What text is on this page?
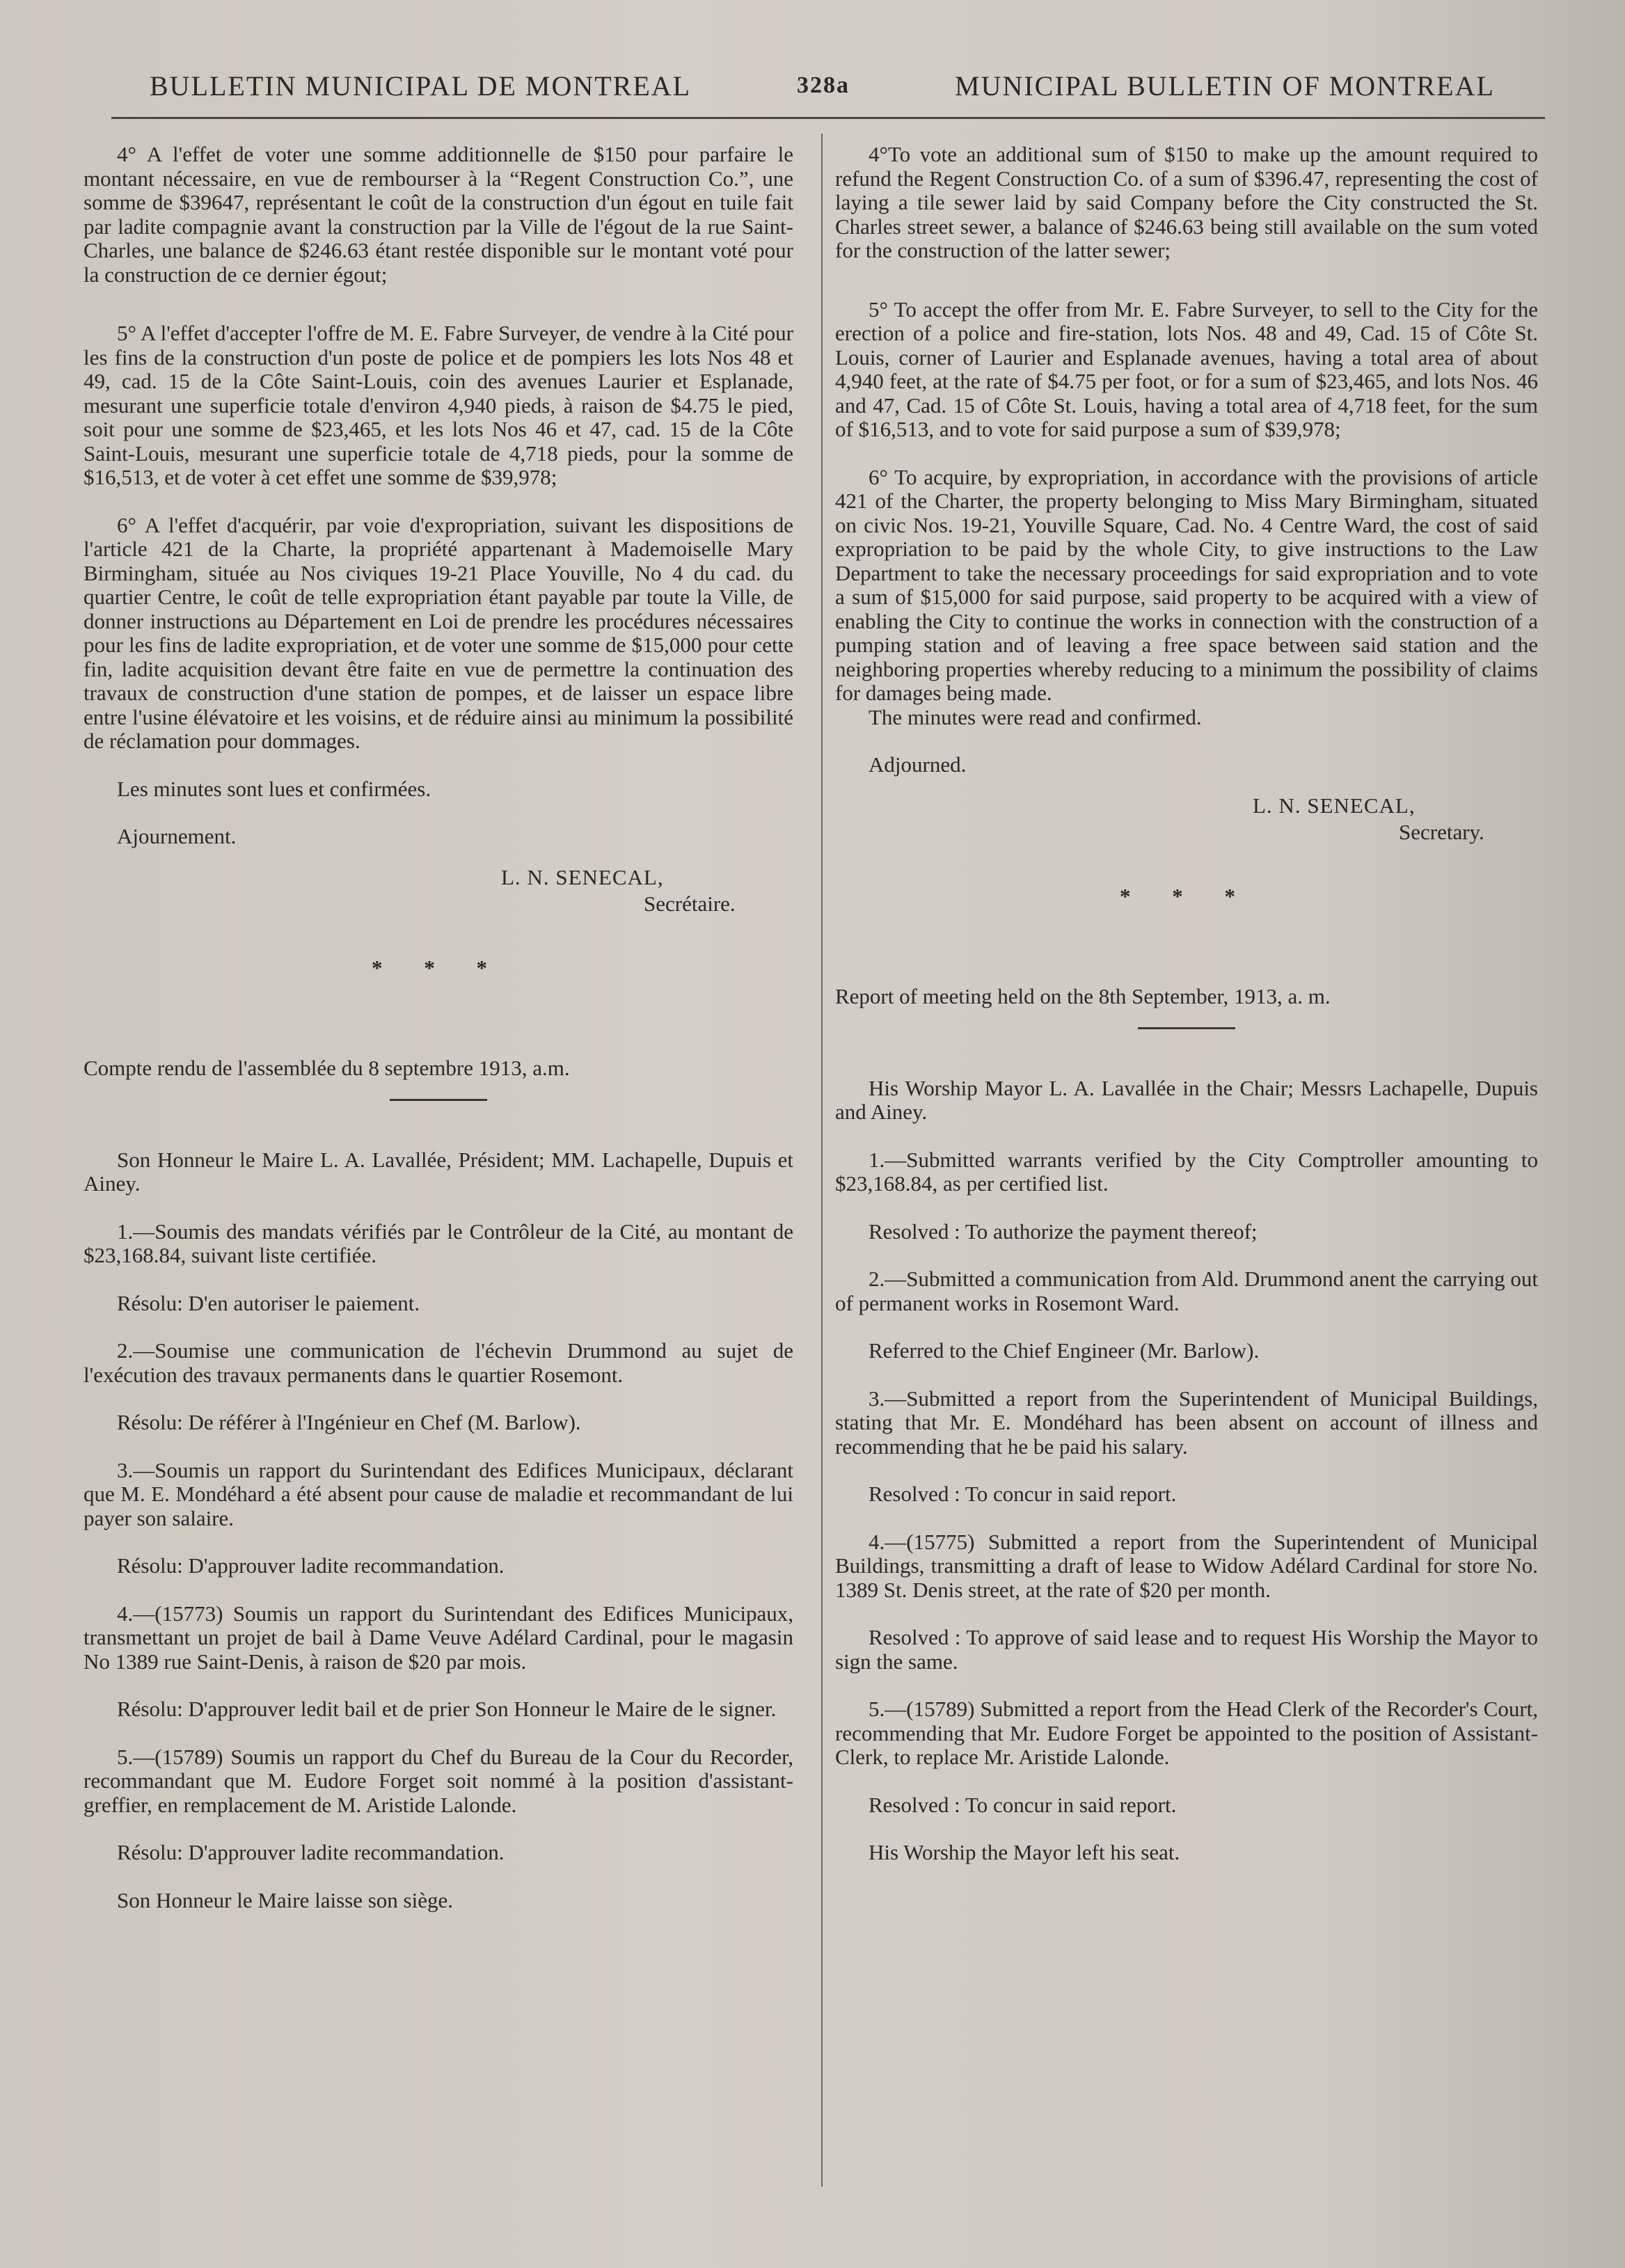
BULLETIN MUNICIPAL DE MONTREAL	328a	MUNICIPAL BULLETIN OF MONTREAL

4° A l'effet de voter une somme additionnelle de $150 pour parfaire le montant nécessaire, en vue de rembourser à la “Regent Construction Co.”, une somme de $39647, représentant le coût de la construction d'un égout en tuile fait par ladite compagnie avant la construction par la Ville de l'égout de la rue Saint-Charles, une balance de $246.63 étant restée disponible sur le montant voté pour la construction de ce dernier égout;

5° A l'effet d'accepter l'offre de M. E. Fabre Surveyer, de vendre à la Cité pour les fins de la construction d'un poste de police et de pompiers les lots Nos 48 et 49, cad. 15 de la Côte Saint-Louis, coin des avenues Laurier et Esplanade, mesurant une superficie totale d'environ 4,940 pieds, à raison de $4.75 le pied, soit pour une somme de $23,465, et les lots Nos 46 et 47, cad. 15 de la Côte Saint-Louis, mesurant une superficie totale de 4,718 pieds, pour la somme de $16,513, et de voter à cet effet une somme de $39,978;

6° A l'effet d'acquérir, par voie d'expropriation, suivant les dispositions de l'article 421 de la Charte, la propriété appartenant à Mademoiselle Mary Birmingham, située au Nos civiques 19-21 Place Youville, No 4 du cad. du quartier Centre, le coût de telle expropriation étant payable par toute la Ville, de donner instructions au Département en Loi de prendre les procédures nécessaires pour les fins de ladite expropriation, et de voter une somme de $15,000 pour cette fin, ladite acquisition devant être faite en vue de permettre la continuation des travaux de construction d'une station de pompes, et de laisser un espace libre entre l'usine élévatoire et les voisins, et de réduire ainsi au minimum la possibilité de réclamation pour dommages.

Les minutes sont lues et confirmées.

Ajournement.

L. N. SENECAL,
Secrétaire.
* * *

Compte rendu de l'assemblée du 8 septembre 1913, a.m.

Son Honneur le Maire L. A. Lavallée, Président; MM. Lachapelle, Dupuis et Ainey.

1.—Soumis des mandats vérifiés par le Contrôleur de la Cité, au montant de $23,168.84, suivant liste certifiée.

Résolu: D'en autoriser le paiement.

2.—Soumise une communication de l'échevin Drummond au sujet de l'exécution des travaux permanents dans le quartier Rosemont.

Résolu: De référer à l'Ingénieur en Chef (M. Barlow).

3.—Soumis un rapport du Surintendant des Edifices Municipaux, déclarant que M. E. Mondéhard a été absent pour cause de maladie et recommandant de lui payer son salaire.

Résolu: D'approuver ladite recommandation.

4.—(15773) Soumis un rapport du Surintendant des Edifices Municipaux, transmettant un projet de bail à Dame Veuve Adélard Cardinal, pour le magasin No 1389 rue Saint-Denis, à raison de $20 par mois.

Résolu: D'approuver ledit bail et de prier Son Honneur le Maire de le signer.

5.—(15789) Soumis un rapport du Chef du Bureau de la Cour du Recorder, recommandant que M. Eudore Forget soit nommé à la position d'assistant-greffier, en remplacement de M. Aristide Lalonde.

Résolu: D'approuver ladite recommandation.

Son Honneur le Maire laisse son siège.

4°To vote an additional sum of $150 to make up the amount required to refund the Regent Construction Co. of a sum of $396.47, representing the cost of laying a tile sewer laid by said Company before the City constructed the St. Charles street sewer, a balance of $246.63 being still available on the sum voted for the construction of the latter sewer;

5° To accept the offer from Mr. E. Fabre Surveyer, to sell to the City for the erection of a police and fire-station, lots Nos. 48 and 49, Cad. 15 of Côte St. Louis, corner of Laurier and Esplanade avenues, having a total area of about 4,940 feet, at the rate of $4.75 per foot, or for a sum of $23,465, and lots Nos. 46 and 47, Cad. 15 of Côte St. Louis, having a total area of 4,718 feet, for the sum of $16,513, and to vote for said purpose a sum of $39,978;

6° To acquire, by expropriation, in accordance with the provisions of article 421 of the Charter, the property belonging to Miss Mary Birmingham, situated on civic Nos. 19-21, Youville Square, Cad. No. 4 Centre Ward, the cost of said expropriation to be paid by the whole City, to give instructions to the Law Department to take the necessary proceedings for said expropriation and to vote a sum of $15,000 for said purpose, said property to be acquired with a view of enabling the City to continue the works in connection with the construction of a pumping station and of leaving a free space between said station and the neighboring properties whereby reducing to a minimum the possibility of claims for damages being made.

The minutes were read and confirmed.

Adjourned.

L. N. SENECAL,
Secretary.
* * *

Report of meeting held on the 8th September, 1913, a. m.

His Worship Mayor L. A. Lavallée in the Chair; Messrs Lachapelle, Dupuis and Ainey.

1.—Submitted warrants verified by the City Comptroller amounting to $23,168.84, as per certified list.

Resolved : To authorize the payment thereof;

2.—Submitted a communication from Ald. Drummond anent the carrying out of permanent works in Rosemont Ward.

Referred to the Chief Engineer (Mr. Barlow).

3.—Submitted a report from the Superintendent of Municipal Buildings, stating that Mr. E. Mondéhard has been absent on account of illness and recommending that he be paid his salary.

Resolved : To concur in said report.

4.—(15775) Submitted a report from the Superintendent of Municipal Buildings, transmitting a draft of lease to Widow Adélard Cardinal for store No. 1389 St. Denis street, at the rate of $20 per month.

Resolved : To approve of said lease and to request His Worship the Mayor to sign the same.

5.—(15789) Submitted a report from the Head Clerk of the Recorder's Court, recommending that Mr. Eudore Forget be appointed to the position of Assistant-Clerk, to replace Mr. Aristide Lalonde.

Resolved : To concur in said report.

His Worship the Mayor left his seat.
